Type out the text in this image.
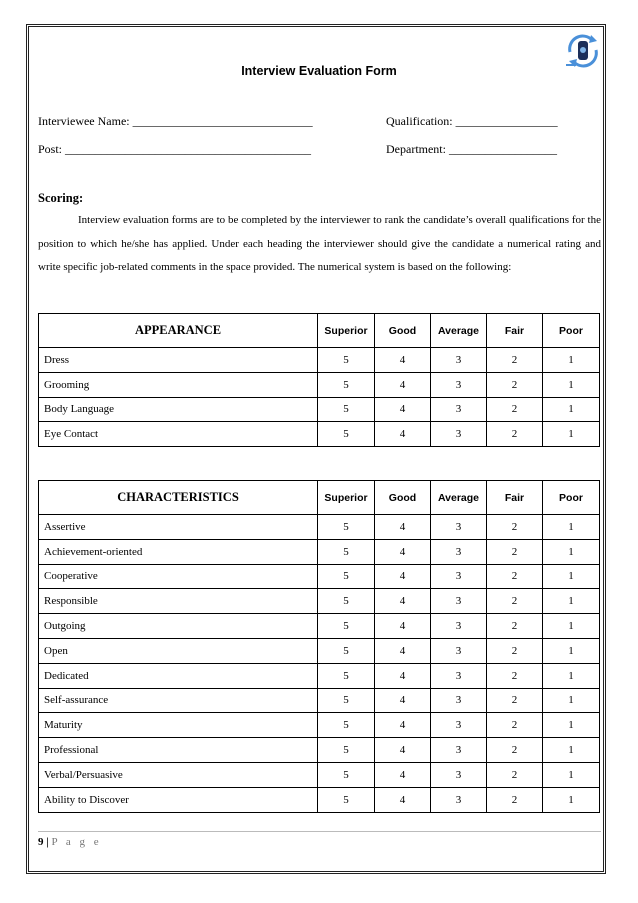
Interview Evaluation Form
Interviewee Name: ______________________________	Qualification: _________________
Post: _________________________________________	Department: __________________
Scoring:
Interview evaluation forms are to be completed by the interviewer to rank the candidate’s overall qualifications for the position to which he/she has applied. Under each heading the interviewer should give the candidate a numerical rating and write specific job-related comments in the space provided. The numerical system is based on the following:
APPEARANCE	Superior	Good	Average	Fair	Poor
Dress	5	4	3	2	1
Grooming	5	4	3	2	1
Body Language	5	4	3	2	1
Eye Contact	5	4	3	2	1
CHARACTERISTICS	Superior	Good	Average	Fair	Poor
Assertive	5	4	3	2	1
Achievement-oriented	5	4	3	2	1
Cooperative	5	4	3	2	1
Responsible	5	4	3	2	1
Outgoing	5	4	3	2	1
Open	5	4	3	2	1
Dedicated	5	4	3	2	1
Self-assurance	5	4	3	2	1
Maturity	5	4	3	2	1
Professional	5	4	3	2	1
Verbal/Persuasive	5	4	3	2	1
Ability to Discover	5	4	3	2	1
9 | P a g e
